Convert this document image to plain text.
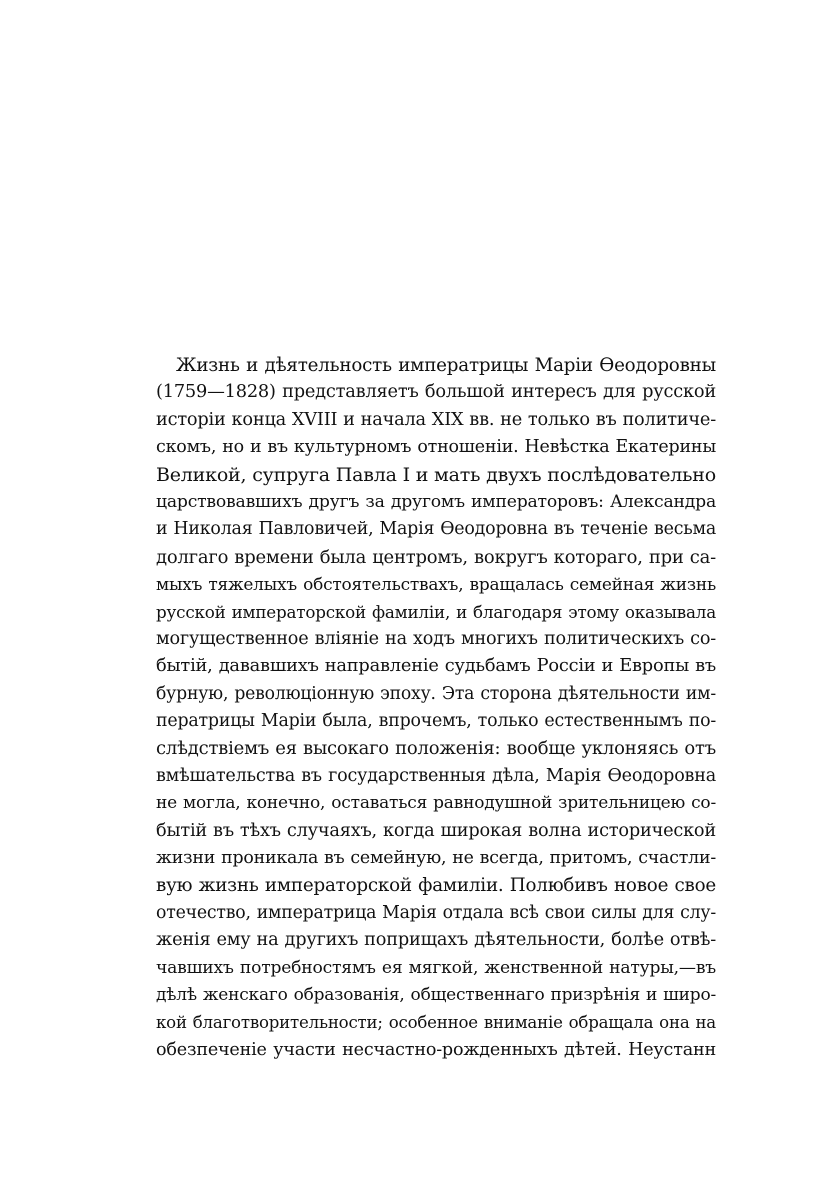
Жизнь и дѣятельность императрицы Маріи Ѳеодоровны
(1759—1828) представляетъ большой интересъ для русской
исторіи конца XVIII и начала XIX вв. не только въ политиче-
скомъ, но и въ культурномъ отношеніи. Невѣстка Екатерины
Великой, супруга Павла I и мать двухъ послѣдовательно
царствовавшихъ другъ за другомъ императоровъ: Александра
и Николая Павловичей, Марія Ѳеодоровна въ теченіе весьма
долгаго времени была центромъ, вокругъ котораго, при са-
мыхъ тяжелыхъ обстоятельствахъ, вращалась семейная жизнь
русской императорской фамиліи, и благодаря этому оказывала
могущественное вліяніе на ходъ многихъ политическихъ со-
бытій, дававшихъ направленіе судьбамъ Россіи и Европы въ
бурную, революціонную эпоху. Эта сторона дѣятельности им-
ператрицы Маріи была, впрочемъ, только естественнымъ по-
слѣдствіемъ ея высокаго положенія: вообще уклоняясь отъ
вмѣшательства въ государственныя дѣла, Марія Ѳеодоровна
не могла, конечно, оставаться равнодушной зрительницею со-
бытій въ тѣхъ случаяхъ, когда широкая волна исторической
жизни проникала въ семейную, не всегда, притомъ, счастли-
вую жизнь императорской фамиліи. Полюбивъ новое свое
отечество, императрица Марія отдала всѣ свои силы для слу-
женія ему на другихъ поприщахъ дѣятельности, болѣе отвѣ-
чавшихъ потребностямъ ея мягкой, женственной натуры,—въ
дѣлѣ женскаго образованія, общественнаго призрѣнія и широ-
кой благотворительности; особенное вниманіе обращала она на
обезпеченіе участи несчастно-рожденныхъ дѣтей. Неустанн
